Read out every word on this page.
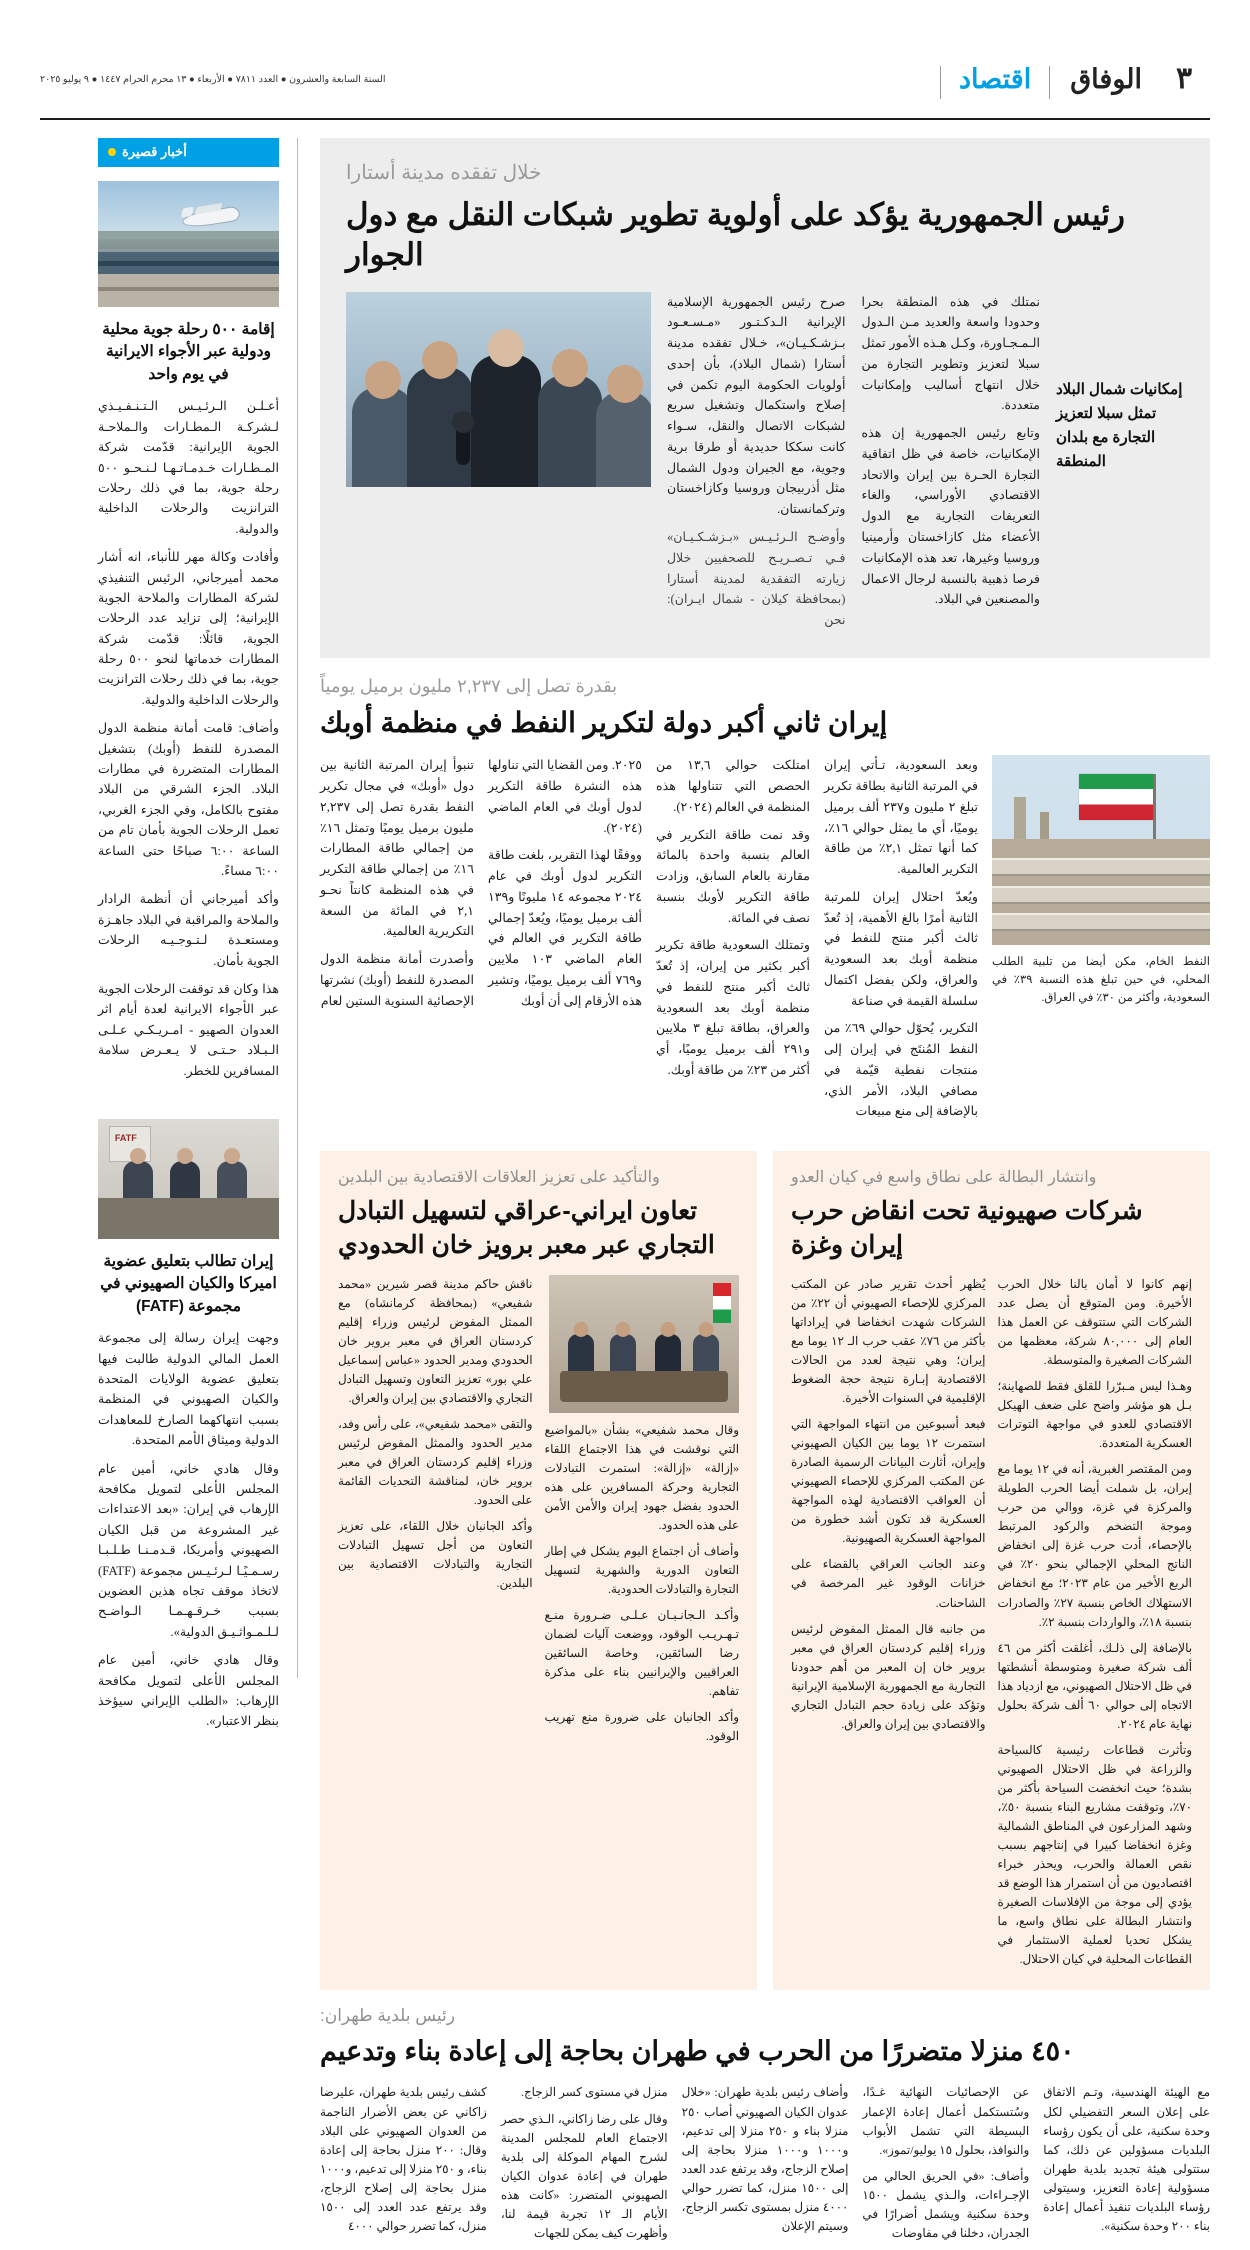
٣
الوفاق
اقتصاد
السنة السابعة والعشرون ● العدد ٧٨١١ ● الأربعاء ● ١٣ محرم الحرام ١٤٤٧ ● ٩ يوليو ٢٠٢٥
خلال تفقده مدينة أستارا
رئيس الجمهورية يؤكد على أولوية تطوير شبكات النقل مع دول الجوار
إمكانيات شمال البلاد تمثل سبلا لتعزيز التجارة مع بلدان المنطقة

نمتلك في هذه المنطقة بحرا وحدودا واسعة والعديد مـن الـدول الـمـجـاورة، وكـل هـذه الأمور تمثل سبلا لتعزيز وتطوير التجارة من خلال انتهاج أساليب وإمكانيات متعددة.

وتابع رئيس الجمهورية إن هذه الإمكانيات، خاصة في ظل اتفاقية التجارة الحـرة بين إيران والاتحاد الاقتصادي الأوراسي، والغاء التعريفات التجارية مع الدول الأعضاء مثل كازاخستان وأرمينيا وروسيا وغيرها، تعد هذه الإمكانيات فرصا ذهبية بالنسبة لرجال الاعمال والمصنعين في البلاد.

صرح رئيس الجمهورية الإسلامية الإيرانية الـدكـتـور «مـسـعـود بـزشـكـيـان»، خـلال تفقده مدينة أستارا (شمال البلاد)، بأن إحدى أولويات الحكومة اليوم تكمن في إصلاح واستكمال وتشغيل سريع لشبكات الاتصال والنقل، سـواء كانت سككا حديدية أو طرقا برية وجوية، مع الجيران ودول الشمال مثل أذربيجان وروسيا وكازاخستان وتركمانستان.

وأوضـح الـرئـيـس «بـزشـكـيـان» فـي تـصـريـح للصحفيين خلال زيارته التفقدية لمدينة أستارا (بمحافظة كيلان - شمال ايـران): نحن

بقدرة تصل إلى ٢,٢٣٧ مليون برميل يومياً
إيران ثاني أكبر دولة لتكرير النفط في منظمة أوبك
النفط الخام، مكن أيضا من تلبية الطلب المحلي، في حين تبلغ هذه النسبة ٣٩٪ في السعودية، وأكثر من ٣٠٪ في العراق.

وبعد السعودية، تـأتي إيران في المرتبة الثانية بطاقة تكرير تبلغ ٢ مليون و٢٣٧ ألف برميل يوميًا، أي ما يمثل حوالي ١٦٪، كما أنها تمثل ٢,١٪ من طاقة التكرير العالمية.

ويُعدّ احتلال إيران للمرتبة الثانية أمرًا بالغ الأهمية، إذ تُعدّ ثالث أكبر منتج للنفط في منظمة أوبك بعد السعودية والعراق، ولكن بفضل اكتمال سلسلة القيمة في صناعة

التكرير، يُحوّل حوالي ٦٩٪ من النفط المُنتَج في إيران إلى منتجات نفطية قيّمة في مصافي البلاد، الأمر الذي، بالإضافة إلى منع مبيعات

امتلكت حوالي ١٣,٦ من الحصص التي تتناولها هذه المنظمة في العالم (٢٠٢٤).

وقد نمت طاقة التكرير في العالم بنسبة واحدة بالمائة مقارنة بالعام السابق، وزادت طاقة التكرير لأوبك بنسبة نصف في المائة.

وتمتلك السعودية طاقة تكرير أكبر بكثير من إيران، إذ تُعدّ ثالث أكبر منتج للنفط في منظمة أوبك بعد السعودية والعراق، بطاقة تبلغ ٣ ملايين و٢٩١ ألف برميل يوميًا، أي أكثر من ٢٣٪ من طاقة أوبك.

٢٠٢٥. ومن القضايا التي تناولها هذه النشرة طاقة التكرير لدول أوبك في العام الماضي (٢٠٢٤).

ووفقًا لهذا التقرير، بلغت طاقة التكرير لدول أوبك في عام ٢٠٢٤ مجموعه ١٤ مليونًا و١٣٩ ألف برميل يوميًا، ويُعدّ إجمالي طاقة التكرير في العالم في العام الماضي ١٠٣ ملايين و٧٦٩ ألف برميل يوميًا، وتشير هذه الأرقام إلى أن أوبك

تنبوأ إيران المرتبة الثانية بين دول «أوبك» في مجال تكرير النفط بقدرة تصل إلى ٢,٢٣٧ مليون برميل يوميًا وتمثل ١٦٪ من إجمالي طاقة المطارات ١٦٪ من إجمالي طاقة التكرير في هذه المنظمة كانتاً نحـو ٢,١ في المائة من السعة التكريرية العالمية.

وأصدرت أمانة منظمة الدول المصدرة للنفط (أوبك) نشرتها الإحصائية السنوية الستين لعام

وانتشار البطالة على نطاق واسع في كيان العدو
شركات صهيونية تحت انقاض حرب إيران وغزة

إنهم كانوا لا أمان بالنا خلال الحرب الأخيرة. ومن المتوقع أن يصل عدد الشركات التي ستتوقف عن العمل هذا العام إلى ٨٠,٠٠٠ شركة، معظمها من الشركات الصغيرة والمتوسطة.

وهـذا ليس مـبرّرا للقلق فقط للصهاينة؛ بـل هو مؤشر واضح على ضعف الهيكل الاقتصادي للعدو في مواجهة التوترات العسكرية المتعددة.

ومن المقتصر الغبرية، أنه في ١٢ يوما مع إيران، بل شملت أيضا الحرب الطويلة والمركزة في غزة، ووالي من حرب وموجة التضخم والركود المرتبط بالإحصاء، أدت حرب غزة إلى انخفاض الناتج المحلي الإجمالي بنحو ٢٠٪ في الربع الأخير من عام ٢٠٢٣؛ مع انخفاض الاستهلاك الخاص بنسبة ٢٧٪ والصادرات بنسبة ١٨٪، والواردات بنسبة ٢٪.

بالإضافة إلى ذلـك، أغلقت أكثر من ٤٦ ألف شركة صغيرة ومتوسطة أنشطتها في ظل الاحتلال الصهيوني، مع ازدياد هذا الاتجاه إلى حوالي ٦٠ ألف شركة بحلول نهاية عام ٢٠٢٤.

وتأثرت قطاعات رئيسية كالسياحة والزراعة في ظل الاحتلال الصهيوني بشدة؛ حيث انخفضت السياحة بأكثر من ٧٠٪، وتوقفت مشاريع البناء بنسبة ٥٠٪، وشهد المزارعون في المناطق الشمالية وغزة انخفاضا كبيرا في إنتاجهم بسبب نقص العمالة والحرب، ويحذر خبراء اقتصاديون من أن استمرار هذا الوضع قد يؤدي إلى موجة من الإفلاسات الصغيرة وانتشار البطالة على نطاق واسع، ما يشكل تحديا لعملية الاستثمار في القطاعات المحلية في كيان الاحتلال.

يُظهر أحدث تقرير صادر عن المكتب المركزي للإحصاء الصهيوني أن ٢٢٪ من الشركات شهدت انخفاضا في إيراداتها بأكثر من ٧٦٪ عقب حرب الـ ١٢ يوما مع إيران؛ وهي نتيجة لعدد من الحالات الاقتصادية إبـارة نتيجة حجة الضغوط الإقليمية في السنوات الأخيرة.

فبعد أسبوعين من انتهاء المواجهة التي استمرت ١٢ يوما بين الكيان الصهيوني وإيران، أثارت البيانات الرسمية الصادرة عن المكتب المركزي للإحصاء الصهيوني أن العواقب الاقتصادية لهذه المواجهة العسكرية قد تكون أشد خطورة من المواجهة العسكرية الصهيونية.

وعند الجانب العراقي بالقضاء على خزانات الوقود غير المرخصة في الشاحنات.

من جانبه قال الممثل المفوض لرئيس وزراء إقليم كردستان العراق في معبر بروير خان إن المعبر من أهم حدودنا التجارية مع الجمهورية الإسلامية الإيرانية وتؤكد على زيادة حجم التبادل التجاري والاقتصادي بين إيران والعراق.

والتأكيد على تعزيز العلاقات الاقتصادية بين البلدين
تعاون ايراني-عراقي لتسهيل التبادل التجاري عبر معبر برويز خان الحدودي

وقال محمد شفيعي» بشأن «بالمواضيع التي نوقشت في هذا الاجتماع اللقاء «إزالة» «إزالة»: استمرت التبادلات التجارية وحركة المسافرين على هذه الحدود بفضل جهود إيران والأمن الأمن على هذه الحدود.

وأضاف أن اجتماع اليوم يشكل في إطار التعاون الدورية والشهرية لتسهيل التجارة والتبادلات الحدودية.

وأكـد الـجانـبـان عـلـى ضـرورة منـع تـهـريـب الوقود، ووضعت آليات لضمان رضا السائقين، وخاصة السائقين العراقيين والإيرانيين بناء على مذكرة تفاهم.

وأكد الجانبان على ضرورة منع تهريب الوقود.

ناقش حاكم مدينة قصر شيرين «محمد شفيعي» (بمحافظة كرمانشاه) مع الممثل المفوض لرئيس وزراء إقليم كردستان العراق في معبر بروير خان الحدودي ومدير الحدود «عباس إسماعيل علي بور» تعزيز التعاون وتسهيل التبادل التجاري والاقتصادي بين إيران والعراق.

والتقى «محمد شفيعي»، على رأس وفد، مدير الحدود والممثل المفوض لرئيس وزراء إقليم كردستان العراق في معبر بروير خان، لمناقشة التحديات القائمة على الحدود.

وأكد الجانبان خلال اللقاء، على تعزيز التعاون من أجل تسهيل التبادلات التجارية والتبادلات الاقتصادية بين البلدين.

رئيس بلدية طهران:
٤٥٠ منزلا متضررًا من الحرب في طهران بحاجة إلى إعادة بناء وتدعيم

مع الهيئة الهندسية، وتـم الاتفاق على إعلان السعر التفضيلي لكل وحدة سكنية، على أن يكون رؤساء البلديات مسؤولين عن ذلك، كما ستتولى هيئة تجديد بلدية طهران مسؤولية إعادة التعزيز، وسيتولى رؤساء البلديات تنفيذ أعمال إعادة بناء ٢٠٠ وحدة سكنية».

عن الإحصائيات النهائية غـدًا، وسُتستكمل أعمال إعادة الإعمار البسيطة التي تشمل الأبواب والنوافذ، بحلول ١٥ يوليو/تموز».

وأضاف: «في الحريق الحالي من الإجـراءات، والـذي يشمل ١٥٠٠ وحدة سكنية ويشمل أضرارًا في الجدران، دخلنا في مفاوضات

وأضاف رئيس بلدية طهران: «خلال عدوان الكيان الصهيوني أصاب ٢٥٠ منزلا بناء و ٢٥٠ منزلا إلى تدعيم، و١٠٠٠ و١٠٠٠ منزلا بحاجة إلى إصلاح الزجاج، وقد يرتفع عدد العدد إلى ١٥٠٠ منزل، كما تضرر حوالي ٤٠٠٠ منزل بمستوى تكسر الزجاج، وسيتم الإعلان

منزل في مستوى كسر الزجاج.

وقال على رضا زاكاني، الـذي حصر الاجتماع العام للمجلس المدينة لشرح المهام الموكلة إلى بلدية طهران في إعادة عدوان الكيان الصهيوني المتضرر: «كانت هذه الأيام الـ ١٢ تجربة قيمة لنا، وأظهرت كيف يمكن للجهات

كشف رئيس بلدية طهران، عليرضا زاكاني عن بعض الأضرار الناجمة من العدوان الصهيوني على البلاد وقال: ٢٠٠ منزل بحاجة إلى إعادة بناء، و ٢٥٠ منزلا إلى تدعيم، و١٠٠٠ منزل بحاجة إلى إصلاح الزجاج، وقد يرتفع عدد العدد إلى ١٥٠٠ منزل، كما تضرر حوالي ٤٠٠٠

أخبار قصيرة
إقامة ٥٠٠ رحلة جوية محلية ودولية عبر الأجواء الايرانية في يوم واحد

أعـلـن الـرئـيـس الـتـنـفـيـذي لـشركـة الـمطـارات والـملاحـة الجوية الإيرانية: قدّمت شركة المـطـارات خـدمـاتـهـا لـنـحـو ٥٠٠ رحلة جوية، بما في ذلك رحلات الترانزيت والرحلات الداخلية والدولية.

وأفادت وكالة مهر للأنباء، انه أشار محمد أميرجاني، الرئيس التنفيذي لشركة المطارات والملاحة الجوية الإيرانية؛ إلى تزايد عدد الرحلات الجوية، قائلًا: قدّمت شركة المطارات خدماتها لنحو ٥٠٠ رحلة جوية، بما في ذلك رحلات الترانزيت والرحلات الداخلية والدولية.

وأضاف: قامت أمانة منظمة الدول المصدرة للنفط (أوبك) بتشغيل المطارات المتضررة في مطارات البلاد. الجزء الشرقي من البلاد مفتوح بالكامل، وفي الجزء الغربي، تعمل الرحلات الجوية بأمان تام من الساعة ٦:٠٠ صباحًا حتى الساعة ٦:٠٠ مساءً.

وأكد أميرجاني أن أنظمة الرادار والملاحة والمراقبة في البلاد جاهـزة ومستعـدة لـتـوجـيـه الرحلات الجوية بأمان.

هذا وكان قد توقفت الرحلات الجوية عبر الأجواء الايرانية لعدة أيام اثر العدوان الصهيو - امـريـكـي عـلـى الـبـلاد حـتـى لا يـعـرض سلامة المسافرين للخطر.

FATF
إيران تطالب بتعليق عضوية اميركا والكيان الصهيوني في مجموعة (FATF)

وجهت إيران رسالة إلى مجموعة العمل المالي الدولية طالبت فيها بتعليق عضوية الولايات المتحدة والكيان الصهيوني في المنظمة بسبب انتهاكهما الصارخ للمعاهدات الدولية وميثاق الأمم المتحدة.

وقال هادي خاني، أمين عام المجلس الأعلى لتمويل مكافحة الإرهاب في إيران: «بعد الاعتداءات غير المشروعة من قبل الكيان الصهيوني وأمريكا، قـدمـنـا طـلـبـا رسـمـيًـا لـرئـيـس مجموعة (FATF) لاتخاذ موقف تجاه هذين العضوين بسبب خـرقـهـمـا الـواضـح لـلـمـواثـيـق الدولية».

وقال هادي خاني، أمين عام المجلس الأعلى لتمويل مكافحة الإرهاب: «الطلب الإيراني سيؤخذ بنظر الاعتبار».
